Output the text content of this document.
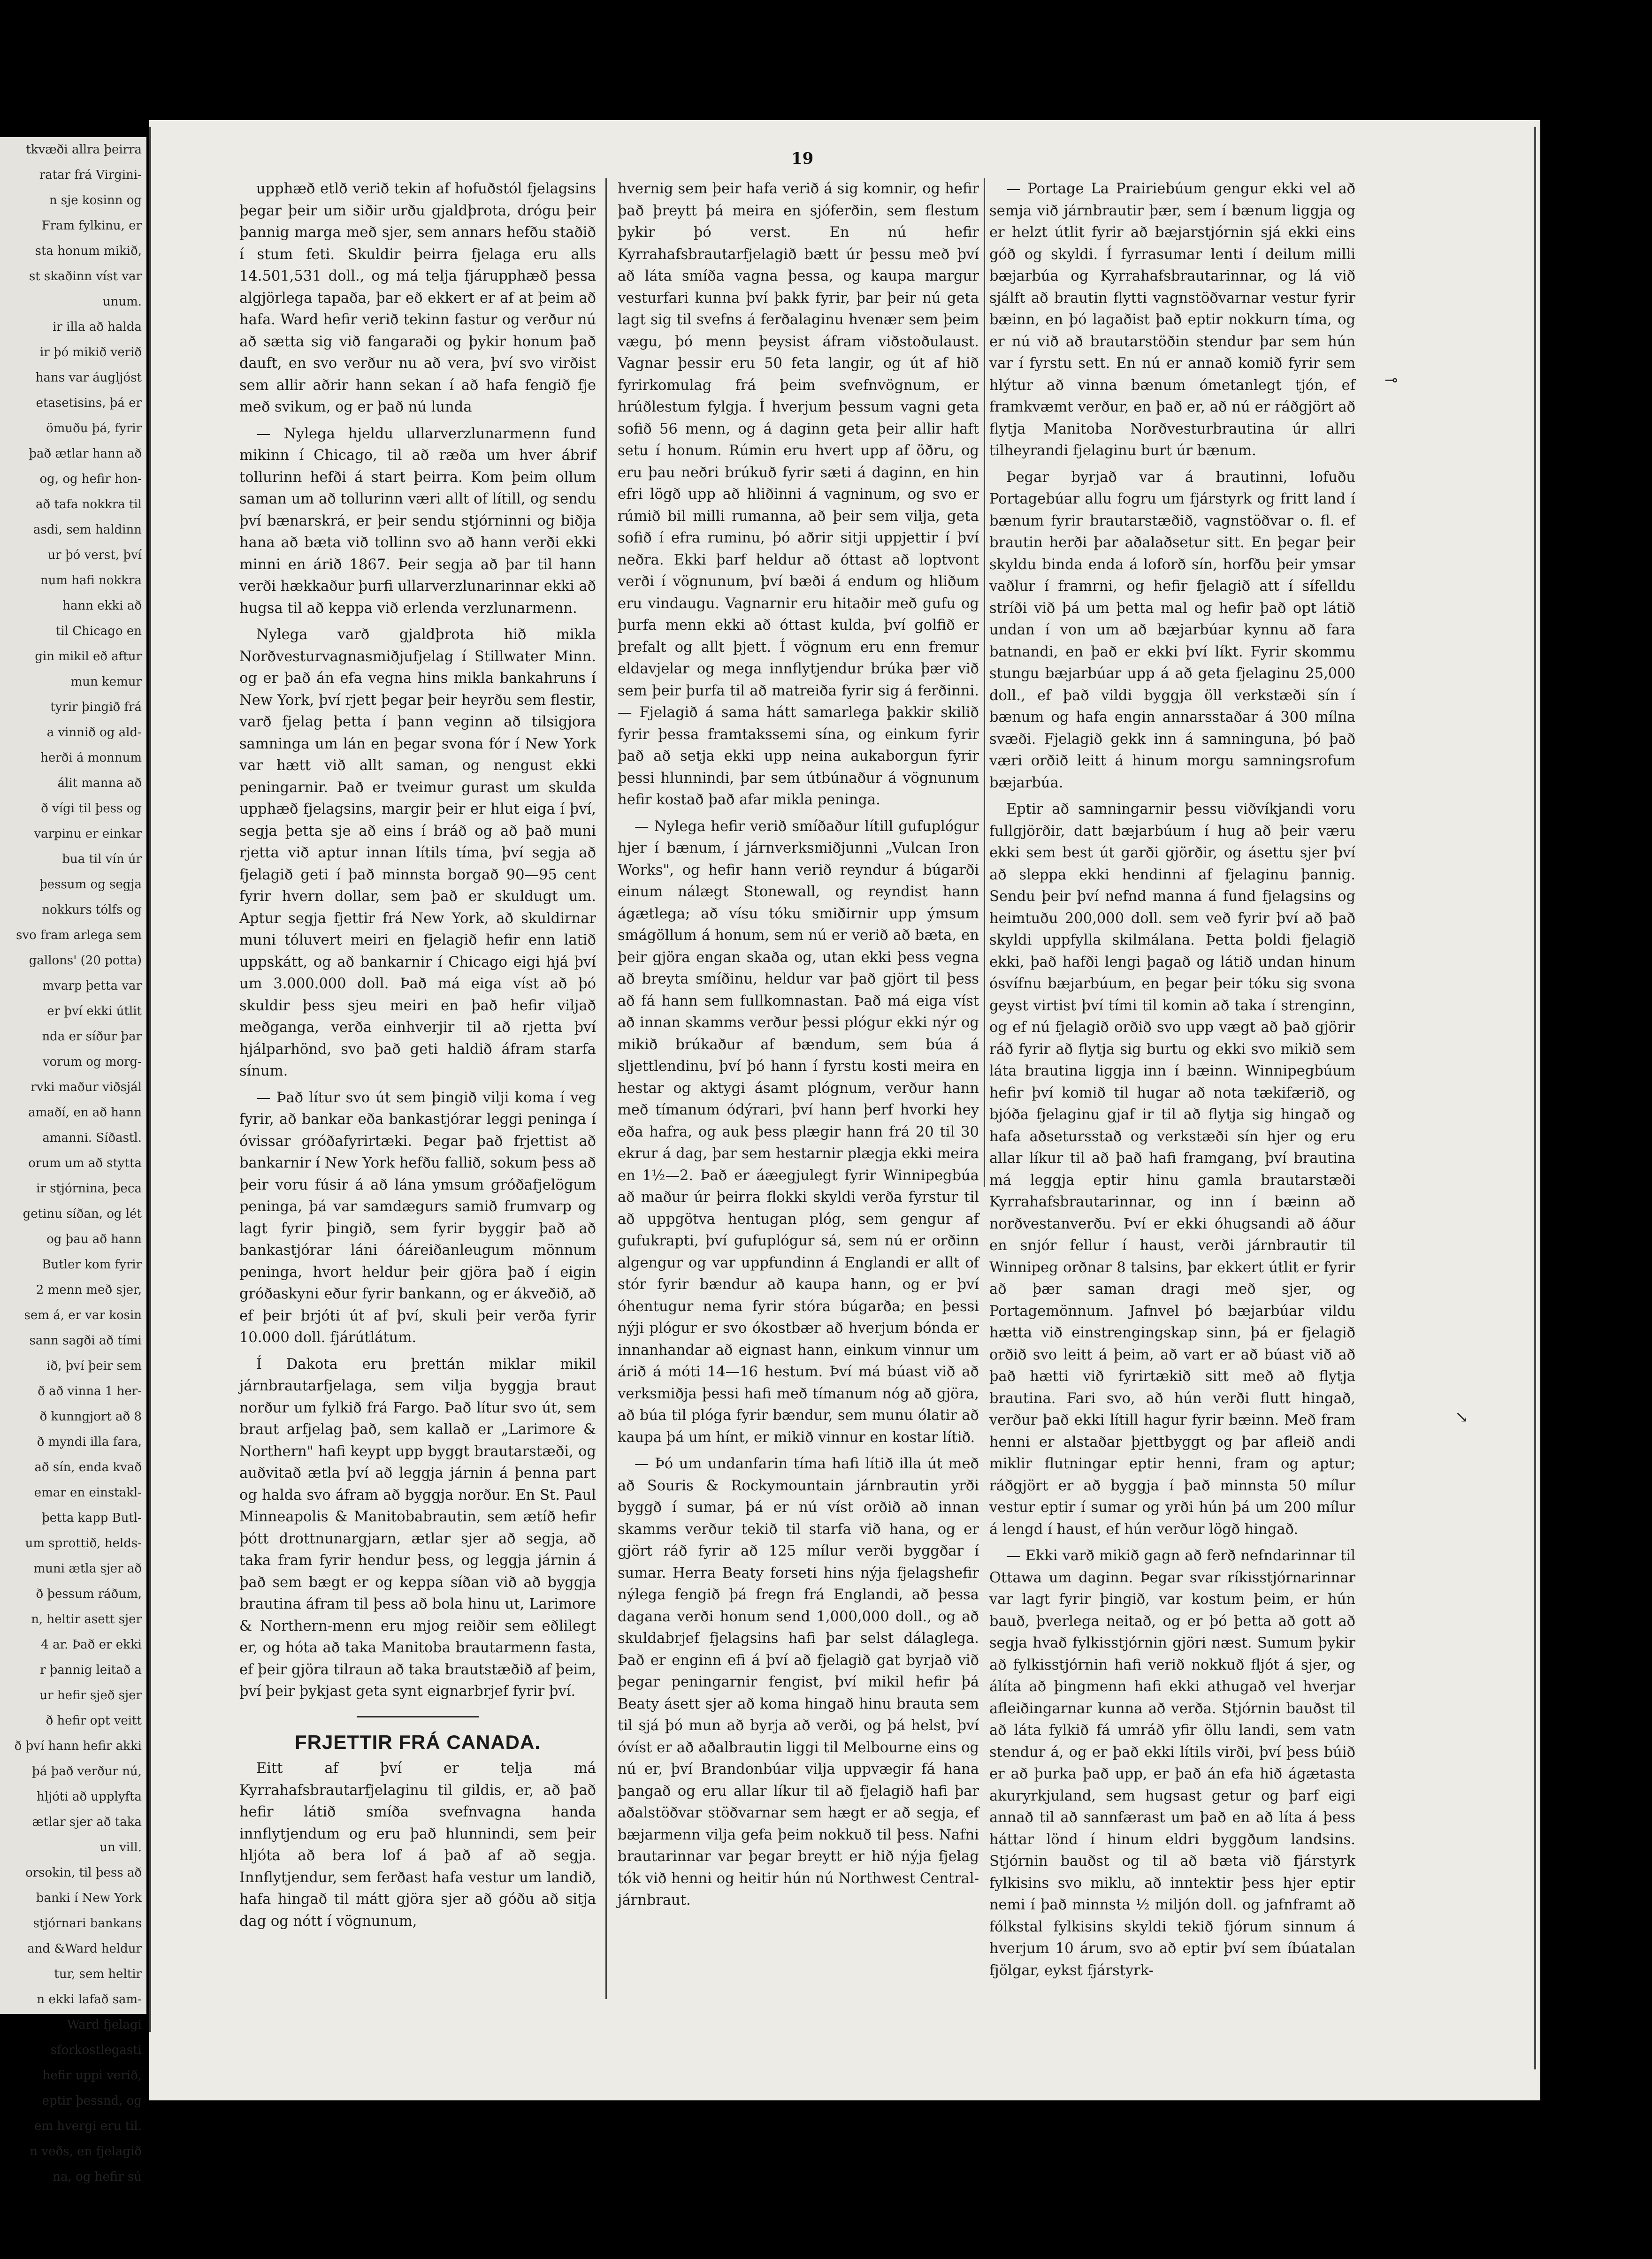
tkvæði allra þeirra

ratar frá Virgini-

n sje kosinn og

Fram fylkinu, er

sta honum mikið,

st skaðinn víst var

unum.

ir illa að halda

ir þó mikið verið

hans var áugljóst

etasetisins, þá er

ömuðu þá, fyrir

það ætlar hann að

og, og hefir hon-

að tafa nokkra til

asdi, sem haldinn

ur þó verst, því

num hafi nokkra

hann ekki að

til Chicago en

gin mikil eð aftur

mun kemur

tyrir þingið frá

a vinnið og ald-

herði á monnum

álit manna að

ð vígi til þess og

varpinu er einkar

bua til vín úr

þessum og segja

nokkurs tólfs og

svo fram arlega sem

gallons' (20 potta)

mvarp þetta var

er því ekki útlit

nda er síður þar

vorum og morg-

rvki maður viðsjál

amaðí, en að hann

amanni. Síðastl.

orum um að stytta

ir stjórnina, þeca

getinu síðan, og lét

og þau að hann

Butler kom fyrir

2 menn með sjer,

sem á, er var kosin

sann sagði að tími

ið, því þeir sem

ð að vinna 1 her-

ð kunngjort að 8

ð myndi illa fara,

að sín, enda kvað

emar en einstakl-

þetta kapp Butl-

um sprottið, helds-

muni ætla sjer að

ð þessum ráðum,

n, heltir asett sjer

4 ar. Það er ekki

r þannig leitað a

ur hefir sjeð sjer

ð hefir opt veitt

ð því hann hefir akki

þá það verður nú,

hljóti að upplyfta

ætlar sjer að taka

un vill.

orsokin, til þess að

banki í New York

stjórnari bankans

and &Ward heldur

tur, sem heltir

n ekki lafað sam-

Ward fjelagi

sforkostlegasti

hefir uppi verið,

eptir þessnd, og

em hvergi eru til.

n veðs, en fjelagið

na, og hefir sú

19

upphæð etlð verið tekin af hofuðstól fjelagsins þegar þeir um siðir urðu gjaldþrota, drógu þeir þannig marga með sjer, sem annars hefðu staðið í stum feti. Skuldir þeirra fjelaga eru alls 14.501,531 doll., og má telja fjárupphæð þessa algjörlega tapaða, þar eð ekkert er af at þeim að hafa. Ward hefir verið tekinn fastur og verður nú að sætta sig við fangaraði og þykir honum það dauft, en svo verður nu að vera, því svo virðist sem allir aðrir hann sekan í að hafa fengið fje með svikum, og er það nú lunda

— Nylega hjeldu ullarverzlunarmenn fund mikinn í Chicago, til að ræða um hver ábrif tollurinn hefði á start þeirra. Kom þeim ollum saman um að tollurinn væri allt of lítill, og sendu því bænarskrá, er þeir sendu stjórninni og biðja hana að bæta við tollinn svo að hann verði ekki minni en árið 1867. Þeir segja að þar til hann verði hækkaður þurfi ullarverzlunarinnar ekki að hugsa til að keppa við erlenda verzlunarmenn.

Nylega varð gjaldþrota hið mikla Norðvesturvagnasmiðjufjelag í Stillwater Minn. og er það án efa vegna hins mikla bankahruns í New York, því rjett þegar þeir heyrðu sem flestir, varð fjelag þetta í þann veginn að tilsigjora samninga um lán en þegar svona fór í New York var hætt við allt saman, og nengust ekki peningarnir. Það er tveimur gurast um skulda upphæð fjelagsins, margir þeir er hlut eiga í því, segja þetta sje að eins í bráð og að það muni rjetta við aptur innan lítils tíma, því segja að fjelagið geti í það minnsta borgað 90—95 cent fyrir hvern dollar, sem það er skuldugt um. Aptur segja fjettir frá New York, að skuldirnar muni tóluvert meiri en fjelagið hefir enn latið uppskátt, og að bankarnir í Chicago eigi hjá því um 3.000.000 doll. Það má eiga víst að þó skuldir þess sjeu meiri en það hefir viljað meðganga, verða einhverjir til að rjetta því hjálparhönd, svo það geti haldið áfram starfa sínum.

— Það lítur svo út sem þingið vilji koma í veg fyrir, að bankar eða bankastjórar leggi peninga í óvissar gróðafyrirtæki. Þegar það frjettist að bankarnir í New York hefðu fallið, sokum þess að þeir voru fúsir á að lána ymsum gróðafjelögum peninga, þá var samdægurs samið frumvarp og lagt fyrir þingið, sem fyrir byggir það að bankastjórar láni óáreiðanleugum mönnum peninga, hvort heldur þeir gjöra það í eigin gróðaskyni eður fyrir bankann, og er ákveðið, að ef þeir brjóti út af því, skuli þeir verða fyrir 10.000 doll. fjárútlátum.

Í Dakota eru þrettán miklar mikil járnbrautarfjelaga, sem vilja byggja braut norður um fylkið frá Fargo. Það lítur svo út, sem braut arfjelag það, sem kallað er „Larimore & Northern" hafi keypt upp byggt brautarstæði, og auðvitað ætla því að leggja járnin á þenna part og halda svo áfram að byggja norður. En St. Paul Minneapolis & Manitobabrautin, sem ætíð hefir þótt drottnunargjarn, ætlar sjer að segja, að taka fram fyrir hendur þess, og leggja járnin á það sem bægt er og keppa síðan við að byggja brautina áfram til þess að bola hinu ut, Larimore & Northern-menn eru mjog reiðir sem eðlilegt er, og hóta að taka Manitoba brautarmenn fasta, ef þeir gjöra tilraun að taka brautstæðið af þeim, því þeir þykjast geta synt eignarbrjef fyrir því.

FRJETTIR FRÁ CANADA.

Eitt af því er telja má Kyrrahafsbrautarfjelaginu til gildis, er, að það hefir látið smíða svefnvagna handa innflytjendum og eru það hlunnindi, sem þeir hljóta að bera lof á það af að segja. Innflytjendur, sem ferðast hafa vestur um landið, hafa hingað til mátt gjöra sjer að góðu að sitja dag og nótt í vögnunum,

hvernig sem þeir hafa verið á sig komnir, og hefir það þreytt þá meira en sjóferðin, sem flestum þykir þó verst. En nú hefir Kyrrahafsbrautarfjelagið bætt úr þessu með því að láta smíða vagna þessa, og kaupa margur vesturfari kunna því þakk fyrir, þar þeir nú geta lagt sig til svefns á ferðalaginu hvenær sem þeim vægu, þó menn þeysist áfram viðstoðulaust. Vagnar þessir eru 50 feta langir, og út af hið fyrirkomulag frá þeim svefnvögnum, er hrúðlestum fylgja. Í hverjum þessum vagni geta sofið 56 menn, og á daginn geta þeir allir haft setu í honum. Rúmin eru hvert upp af öðru, og eru þau neðri brúkuð fyrir sæti á daginn, en hin efri lögð upp að hliðinni á vagninum, og svo er rúmið bil milli rumanna, að þeir sem vilja, geta sofið í efra ruminu, þó aðrir sitji uppjettir í því neðra. Ekki þarf heldur að óttast að loptvont verði í vögnunum, því bæði á endum og hliðum eru vindaugu. Vagnarnir eru hitaðir með gufu og þurfa menn ekki að óttast kulda, því golfið er þrefalt og allt þjett. Í vögnum eru enn fremur eldavjelar og mega innflytjendur brúka þær við sem þeir þurfa til að matreiða fyrir sig á ferðinni. — Fjelagið á sama hátt samarlega þakkir skilið fyrir þessa framtakssemi sína, og einkum fyrir það að setja ekki upp neina aukaborgun fyrir þessi hlunnindi, þar sem útbúnaður á vögnunum hefir kostað það afar mikla peninga.

— Nylega hefir verið smíðaður lítill gufuplógur hjer í bænum, í járnverksmiðjunni „Vulcan Iron Works", og hefir hann verið reyndur á búgarði einum nálægt Stonewall, og reyndist hann ágætlega; að vísu tóku smiðirnir upp ýmsum smágöllum á honum, sem nú er verið að bæta, en þeir gjöra engan skaða og, utan ekki þess vegna að breyta smíðinu, heldur var það gjört til þess að fá hann sem fullkomnastan. Það má eiga víst að innan skamms verður þessi plógur ekki nýr og mikið brúkaður af bændum, sem búa á sljettlendinu, því þó hann í fyrstu kosti meira en hestar og aktygi ásamt plógnum, verður hann með tímanum ódýrari, því hann þerf hvorki hey eða hafra, og auk þess plægir hann frá 20 til 30 ekrur á dag, þar sem hestarnir plægja ekki meira en 1½—2. Það er áæegjulegt fyrir Winnipegbúa að maður úr þeirra flokki skyldi verða fyrstur til að uppgötva hentugan plóg, sem gengur af gufukrapti, því gufuplógur sá, sem nú er orðinn algengur og var uppfundinn á Englandi er allt of stór fyrir bændur að kaupa hann, og er því óhentugur nema fyrir stóra búgarða; en þessi nýji plógur er svo ókostbær að hverjum bónda er innanhandar að eignast hann, einkum vinnur um árið á móti 14—16 hestum. Því má búast við að verksmiðja þessi hafi með tímanum nóg að gjöra, að búa til plóga fyrir bændur, sem munu ólatir að kaupa þá um hínt, er mikið vinnur en kostar lítið.

— Þó um undanfarin tíma hafi lítið illa út með að Souris & Rockymountain járnbrautin yrði byggð í sumar, þá er nú víst orðið að innan skamms verður tekið til starfa við hana, og er gjört ráð fyrir að 125 mílur verði byggðar í sumar. Herra Beaty forseti hins nýja fjelagshefir nýlega fengið þá fregn frá Englandi, að þessa dagana verði honum send 1,000,000 doll., og að skuldabrjef fjelagsins hafi þar selst dálaglega. Það er enginn efi á því að fjelagið gat byrjað við þegar peningarnir fengist, því mikil hefir þá Beaty ásett sjer að koma hingað hinu brauta sem til sjá þó mun að byrja að verði, og þá helst, því óvíst er að aðalbrautin liggi til Melbourne eins og nú er, því Brandonbúar vilja uppvægir fá hana þangað og eru allar líkur til að fjelagið hafi þar aðalstöðvar stöðvarnar sem hægt er að segja, ef bæjarmenn vilja gefa þeim nokkuð til þess. Nafni brautarinnar var þegar breytt er hið nýja fjelag tók við henni og heitir hún nú Northwest Central-járnbraut.

— Portage La Prairiebúum gengur ekki vel að semja við járnbrautir þær, sem í bænum liggja og er helzt útlit fyrir að bæjarstjórnin sjá ekki eins góð og skyldi. Í fyrrasumar lenti í deilum milli bæjarbúa og Kyrrahafsbrautarinnar, og lá við sjálft að brautin flytti vagnstöðvarnar vestur fyrir bæinn, en þó lagaðist það eptir nokkurn tíma, og er nú við að brautarstöðin stendur þar sem hún var í fyrstu sett. En nú er annað komið fyrir sem hlýtur að vinna bænum ómetanlegt tjón, ef framkvæmt verður, en það er, að nú er ráðgjört að flytja Manitoba Norðvesturbrautina úr allri tilheyrandi fjelaginu burt úr bænum.

Þegar byrjað var á brautinni, lofuðu Portagebúar allu fogru um fjárstyrk og fritt land í bænum fyrir brautarstæðið, vagnstöðvar o. fl. ef brautin herði þar aðalaðsetur sitt. En þegar þeir skyldu binda enda á loforð sín, horfðu þeir ymsar vaðlur í framrni, og hefir fjelagið att í sífelldu stríði við þá um þetta mal og hefir það opt látið undan í von um að bæjarbúar kynnu að fara batnandi, en það er ekki því líkt. Fyrir skommu stungu bæjarbúar upp á að geta fjelaginu 25,000 doll., ef það vildi byggja öll verkstæði sín í bænum og hafa engin annarsstaðar á 300 mílna svæði. Fjelagið gekk inn á samninguna, þó það væri orðið leitt á hinum morgu samningsrofum bæjarbúa.

Eptir að samningarnir þessu viðvíkjandi voru fullgjörðir, datt bæjarbúum í hug að þeir væru ekki sem best út garði gjörðir, og ásettu sjer því að sleppa ekki hendinni af fjelaginu þannig. Sendu þeir því nefnd manna á fund fjelagsins og heimtuðu 200,000 doll. sem veð fyrir því að það skyldi uppfylla skilmálana. Þetta þoldi fjelagið ekki, það hafði lengi þagað og látið undan hinum ósvífnu bæjarbúum, en þegar þeir tóku sig svona geyst virtist því tími til komin að taka í strenginn, og ef nú fjelagið orðið svo upp vægt að það gjörir ráð fyrir að flytja sig burtu og ekki svo mikið sem láta brautina liggja inn í bæinn. Winnipegbúum hefir því komið til hugar að nota tækifærið, og bjóða fjelaginu gjaf ir til að flytja sig hingað og hafa aðsetursstað og verkstæði sín hjer og eru allar líkur til að það hafi framgang, því brautina má leggja eptir hinu gamla brautarstæði Kyrrahafsbrautarinnar, og inn í bæinn að norðvestanverðu. Því er ekki óhugsandi að áður en snjór fellur í haust, verði járnbrautir til Winnipeg orðnar 8 talsins, þar ekkert útlit er fyrir að þær saman dragi með sjer, og Portagemönnum. Jafnvel þó bæjarbúar vildu hætta við einstrengingskap sinn, þá er fjelagið orðið svo leitt á þeim, að vart er að búast við að það hætti við fyrirtækið sitt með að flytja brautina. Fari svo, að hún verði flutt hingað, verður það ekki lítill hagur fyrir bæinn. Með fram henni er alstaðar þjettbyggt og þar afleið andi miklir flutningar eptir henni, fram og aptur; ráðgjört er að byggja í það minnsta 50 mílur vestur eptir í sumar og yrði hún þá um 200 mílur á lengd í haust, ef hún verður lögð hingað.

— Ekki varð mikið gagn að ferð nefndarinnar til Ottawa um daginn. Þegar svar ríkisstjórnarinnar var lagt fyrir þingið, var kostum þeim, er hún bauð, þverlega neitað, og er þó þetta að gott að segja hvað fylkisstjórnin gjöri næst. Sumum þykir að fylkisstjórnin hafi verið nokkuð fljót á sjer, og álíta að þingmenn hafi ekki athugað vel hverjar afleiðingarnar kunna að verða. Stjórnin bauðst til að láta fylkið fá umráð yfir öllu landi, sem vatn stendur á, og er það ekki lítils virði, því þess búið er að þurka það upp, er það án efa hið ágætasta akuryrkjuland, sem hugsast getur og þarf eigi annað til að sannfærast um það en að líta á þess háttar lönd í hinum eldri byggðum landsins. Stjórnin bauðst og til að bæta við fjárstyrk fylkisins svo miklu, að inntektir þess hjer eptir nemi í það minnsta ½ miljón doll. og jafnframt að fólkstal fylkisins skyldi tekið fjórum sinnum á hverjum 10 árum, svo að eptir því sem íbúatalan fjölgar, eykst fjárstyrk-

↘
⊸
